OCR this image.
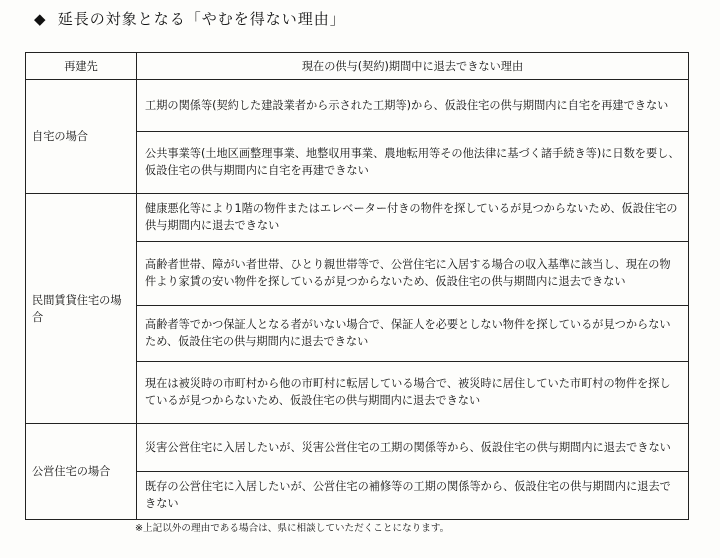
◆ 延長の対象となる「やむを得ない理由」
再建先	現在の供与(契約)期間中に退去できない理由
自宅の場合	工期の関係等(契約した建設業者から示された工期等)から、仮設住宅の供与期間内に自宅を再建できない
	公共事業等(土地区画整理事業、地整収用事業、農地転用等その他法律に基づく諸手続き等)に日数を要し、仮設住宅の供与期間内に自宅を再建できない
民間賃貸住宅の場合	健康悪化等により1階の物件またはエレベーター付きの物件を探しているが見つからないため、仮設住宅の供与期間内に退去できない
	高齢者世帯、障がい者世帯、ひとり親世帯等で、公営住宅に入居する場合の収入基準に該当し、現在の物件より家賃の安い物件を探しているが見つからないため、仮設住宅の供与期間内に退去できない
	高齢者等でかつ保証人となる者がいない場合で、保証人を必要としない物件を探しているが見つからないため、仮設住宅の供与期間内に退去できない
	現在は被災時の市町村から他の市町村に転居している場合で、被災時に居住していた市町村の物件を探しているが見つからないため、仮設住宅の供与期間内に退去できない
公営住宅の場合	災害公営住宅に入居したいが、災害公営住宅の工期の関係等から、仮設住宅の供与期間内に退去できない
	既存の公営住宅に入居したいが、公営住宅の補修等の工期の関係等から、仮設住宅の供与期間内に退去できない
※上記以外の理由である場合は、県に相談していただくことになります。
